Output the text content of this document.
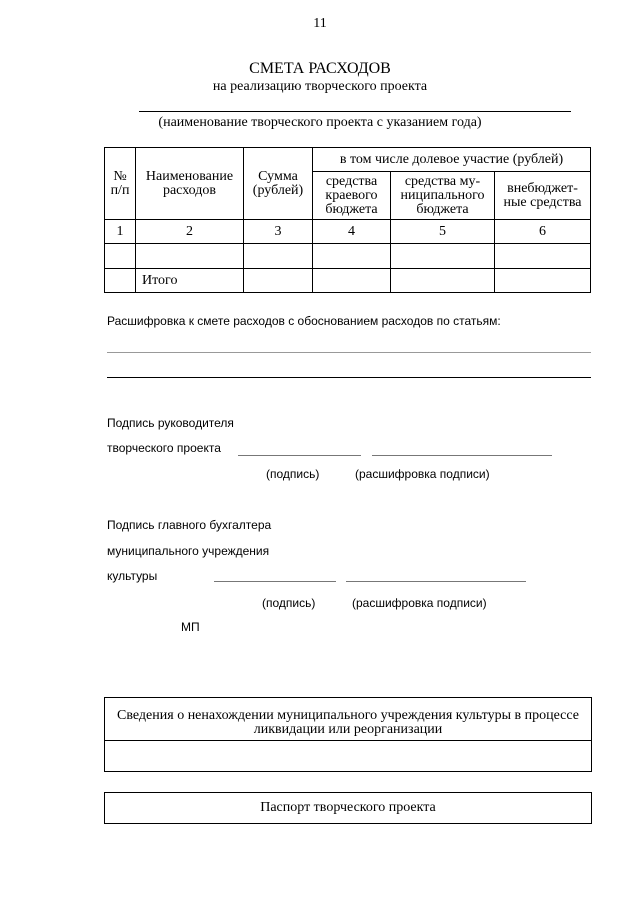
11
СМЕТА РАСХОДОВ
на реализацию творческого проекта
(наименование творческого проекта с указанием года)
№ п/п	Наименование расходов	Сумма (рублей)	в том числе долевое участие (рублей)		
			средства краевого бюджета	средства му-ниципального бюджета	внебюджет-ные средства
1	2	3	4	5	6

	Итого				
Расшифровка к смете расходов с обоснованием расходов по статьям:
Подпись руководителя
творческого проекта
(подпись)	(расшифровка подписи)
Подпись главного бухгалтера
муниципального учреждения
культуры
(подпись)	(расшифровка подписи)
МП
Сведения о ненахождении муниципального учреждения культуры в процессе ликвидации или реорганизации
Паспорт творческого проекта
